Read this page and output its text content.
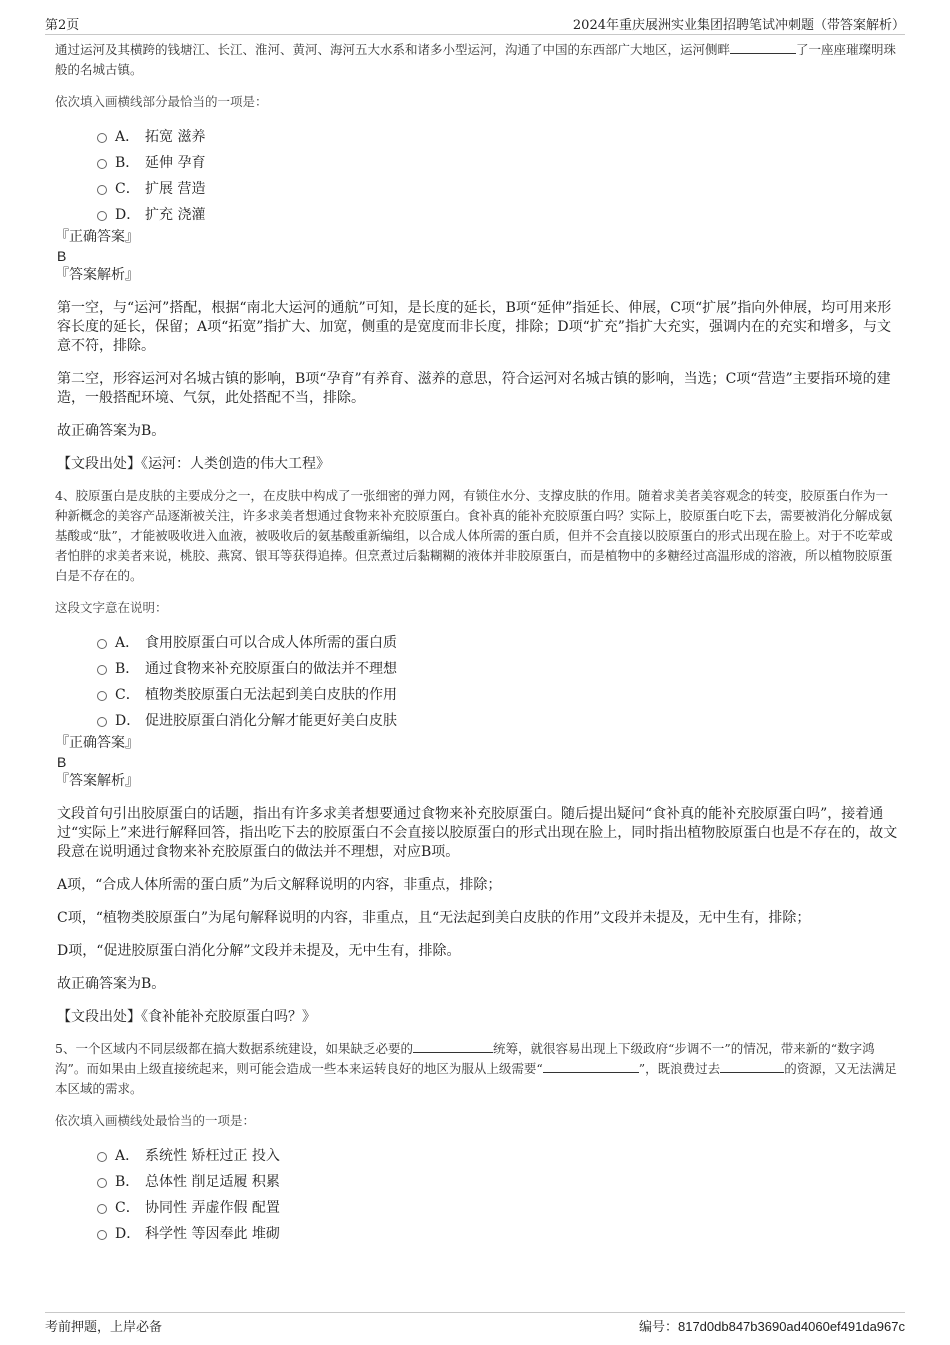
第2页	2024年重庆展洲实业集团招聘笔试冲刺题（带答案解析）

通过运河及其横跨的钱塘江、长江、淮河、黄河、海河五大水系和诸多小型运河，沟通了中国的东西部广大地区，运河侧畔	了一座座璀璨明珠般的名城古镇。

依次填入画横线部分最恰当的一项是：

A． 拓宽 滋养
B． 延伸 孕育
C． 扩展 营造
D． 扩充 浇灌

『正确答案』

B

『答案解析』

第一空，与“运河”搭配，根据“南北大运河的通航”可知，是长度的延长，B项“延伸”指延长、伸展，C项“扩展”指向外伸展，均可用来形容长度的延长，保留；A项“拓宽”指扩大、加宽，侧重的是宽度而非长度，排除；D项“扩充”指扩大充实，强调内在的充实和增多，与文意不符，排除。

第二空，形容运河对名城古镇的影响，B项“孕育”有养育、滋养的意思，符合运河对名城古镇的影响，当选；C项“营造”主要指环境的建造，一般搭配环境、气氛，此处搭配不当，排除。

故正确答案为B。

【文段出处】《运河：人类创造的伟大工程》

4、胶原蛋白是皮肤的主要成分之一，在皮肤中构成了一张细密的弹力网，有锁住水分、支撑皮肤的作用。随着求美者美容观念的转变，胶原蛋白作为一种新概念的美容产品逐渐被关注，许多求美者想通过食物来补充胶原蛋白。食补真的能补充胶原蛋白吗？实际上，胶原蛋白吃下去，需要被消化分解成氨基酸或“肽”，才能被吸收进入血液，被吸收后的氨基酸重新编组，以合成人体所需的蛋白质，但并不会直接以胶原蛋白的形式出现在脸上。对于不吃荤或者怕胖的求美者来说，桃胶、燕窝、银耳等获得追捧。但烹煮过后黏糊糊的液体并非胶原蛋白，而是植物中的多糖经过高温形成的溶液，所以植物胶原蛋白是不存在的。

这段文字意在说明：

A． 食用胶原蛋白可以合成人体所需的蛋白质
B． 通过食物来补充胶原蛋白的做法并不理想
C． 植物类胶原蛋白无法起到美白皮肤的作用
D． 促进胶原蛋白消化分解才能更好美白皮肤

『正确答案』

B

『答案解析』

文段首句引出胶原蛋白的话题，指出有许多求美者想要通过食物来补充胶原蛋白。随后提出疑问“食补真的能补充胶原蛋白吗”，接着通过“实际上”来进行解释回答，指出吃下去的胶原蛋白不会直接以胶原蛋白的形式出现在脸上，同时指出植物胶原蛋白也是不存在的，故文段意在说明通过食物来补充胶原蛋白的做法并不理想，对应B项。

A项，“合成人体所需的蛋白质”为后文解释说明的内容，非重点，排除；

C项，“植物类胶原蛋白”为尾句解释说明的内容，非重点，且“无法起到美白皮肤的作用”文段并未提及，无中生有，排除；

D项，“促进胶原蛋白消化分解”文段并未提及，无中生有，排除。

故正确答案为B。

【文段出处】《食补能补充胶原蛋白吗？》

5、一个区域内不同层级都在搞大数据系统建设，如果缺乏必要的	统筹，就很容易出现上下级政府“步调不一”的情况，带来新的“数字鸿沟”。而如果由上级直接统起来，则可能会造成一些本来运转良好的地区为服从上级需要“	”，既浪费过去	的资源，又无法满足本区域的需求。

依次填入画横线处最恰当的一项是：

A． 系统性 矫枉过正 投入
B． 总体性 削足适履 积累
C． 协同性 弄虚作假 配置
D． 科学性 等因奉此 堆砌
考前押题，上岸必备	编号：817d0db847b3690ad4060ef491da967c
